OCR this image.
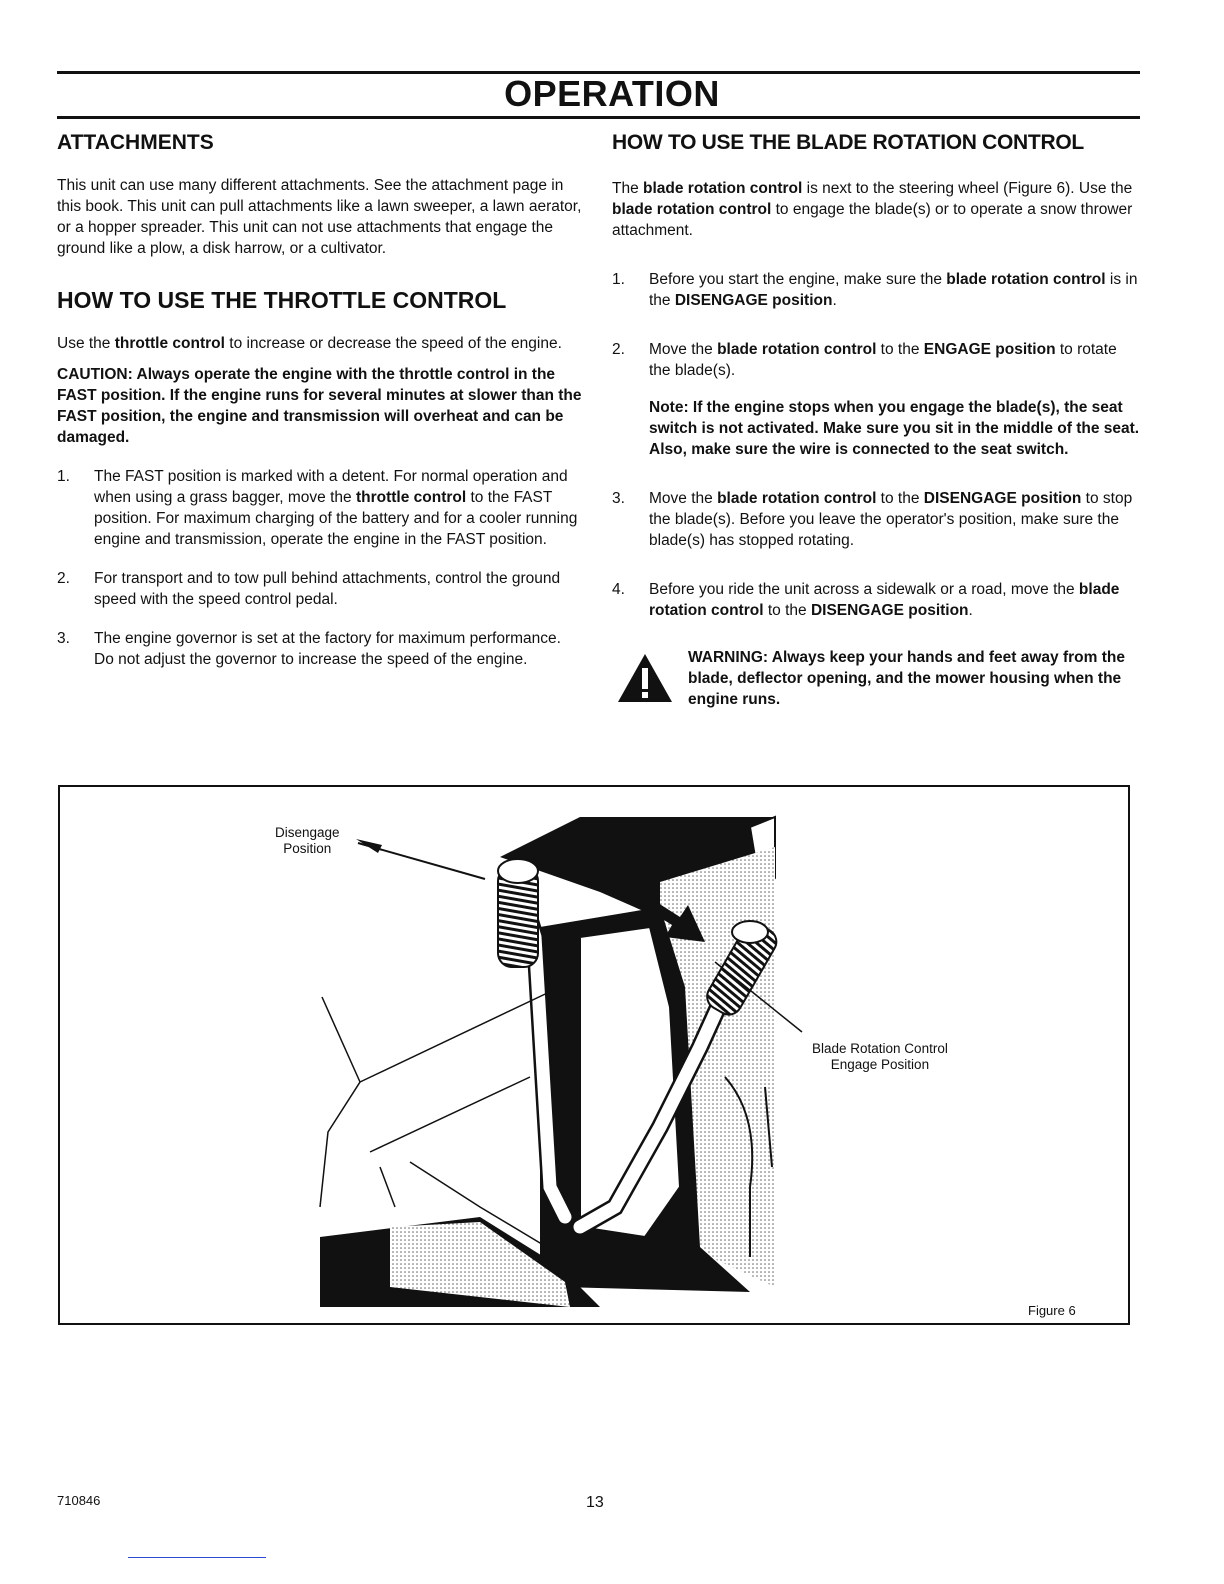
OPERATION
ATTACHMENTS

This unit can use many different attachments. See the attachment page in this book. This unit can pull attachments like a lawn sweeper, a lawn aerator, or a hopper spreader. This unit can not use attachments that engage the ground like a plow, a disk harrow, or a cultivator.

HOW TO USE THE THROTTLE CONTROL

Use the throttle control to increase or decrease the speed of the engine.

CAUTION: Always operate the engine with the throttle control in the FAST position. If the engine runs for several minutes at slower than the FAST position, the engine and transmission will overheat and can be damaged.

1. The FAST position is marked with a detent. For normal operation and when using a grass bagger, move the throttle control to the FAST position. For maximum charging of the battery and for a cooler running engine and transmission, operate the engine in the FAST position.
2. For transport and to tow pull behind attachments, control the ground speed with the speed control pedal.
3. The engine governor is set at the factory for maximum performance. Do not adjust the governor to increase the speed of the engine.
HOW TO USE THE BLADE ROTATION CONTROL

The blade rotation control is next to the steering wheel (Figure 6). Use the blade rotation control to engage the blade(s) or to operate a snow thrower attachment.

1. Before you start the engine, make sure the blade rotation control is in the DISENGAGE position.
2. Move the blade rotation control to the ENGAGE position to rotate the blade(s).

Note: If the engine stops when you engage the blade(s), the seat switch is not activated. Make sure you sit in the middle of the seat. Also, make sure the wire is connected to the seat switch.

3. Move the blade rotation control to the DISENGAGE position to stop the blade(s). Before you leave the operator's position, make sure the blade(s) has stopped rotating.
4. Before you ride the unit across a sidewalk or a road, move the blade rotation control to the DISENGAGE position.
WARNING: Always keep your hands and feet away from the blade, deflector opening, and the mower housing when the engine runs.
Disengage
Position
Blade Rotation Control
Engage Position
Figure 6
710846	13
